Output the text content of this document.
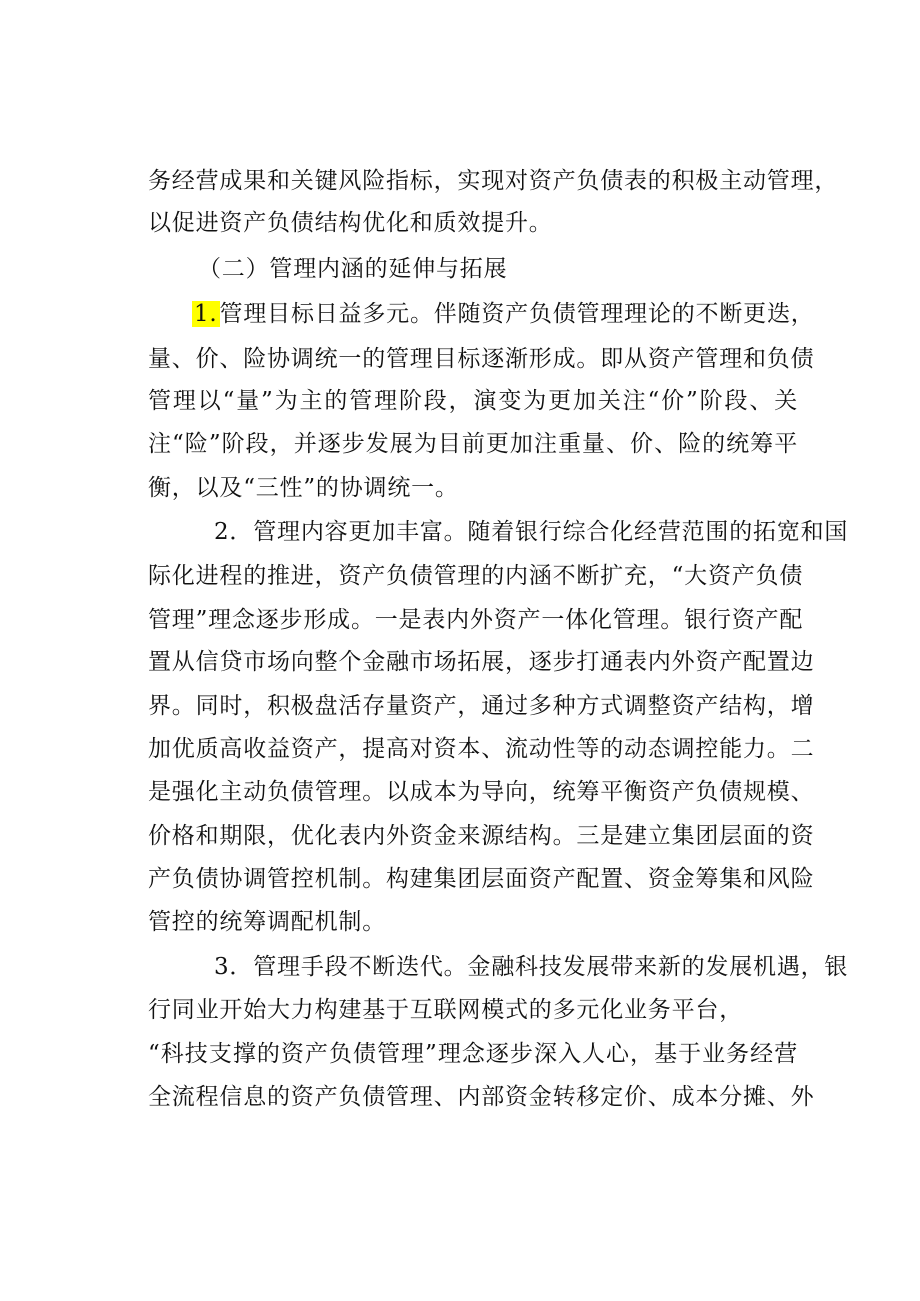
务经营成果和关键风险指标，实现对资产负债表的积极主动管理，
以促进资产负债结构优化和质效提升。
（二）管理内涵的延伸与拓展
1.管理目标日益多元。伴随资产负债管理理论的不断更迭，
量、价、险协调统一的管理目标逐渐形成。即从资产管理和负债
管理以“量”为主的管理阶段，演变为更加关注“价”阶段、关
注“险”阶段，并逐步发展为目前更加注重量、价、险的统筹平
衡，以及“三性”的协调统一。
2．管理内容更加丰富。随着银行综合化经营范围的拓宽和国
际化进程的推进，资产负债管理的内涵不断扩充，“大资产负债
管理”理念逐步形成。一是表内外资产一体化管理。银行资产配
置从信贷市场向整个金融市场拓展，逐步打通表内外资产配置边
界。同时，积极盘活存量资产，通过多种方式调整资产结构，增
加优质高收益资产，提高对资本、流动性等的动态调控能力。二
是强化主动负债管理。以成本为导向，统筹平衡资产负债规模、
价格和期限，优化表内外资金来源结构。三是建立集团层面的资
产负债协调管控机制。构建集团层面资产配置、资金筹集和风险
管控的统筹调配机制。
3．管理手段不断迭代。金融科技发展带来新的发展机遇，银
行同业开始大力构建基于互联网模式的多元化业务平台，
“科技支撑的资产负债管理”理念逐步深入人心，基于业务经营
全流程信息的资产负债管理、内部资金转移定价、成本分摊、外
